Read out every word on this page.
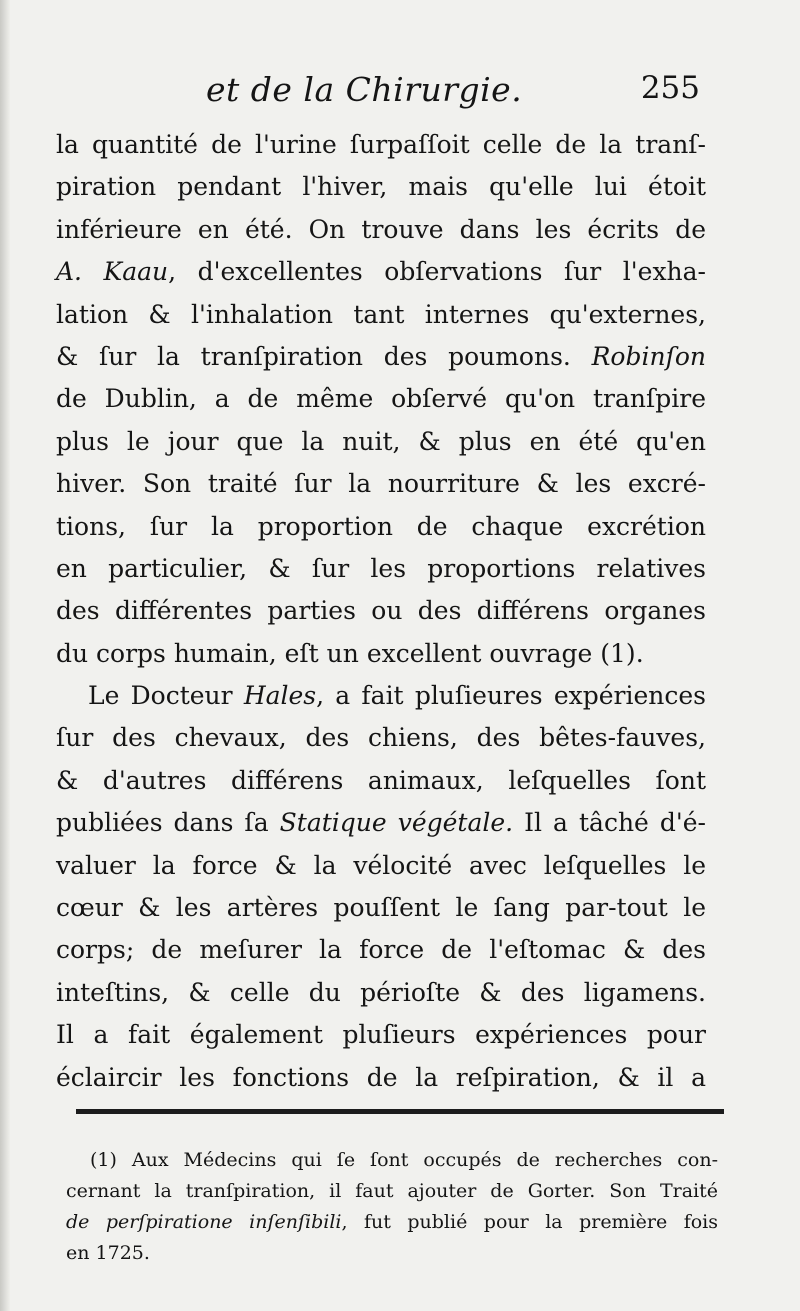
et de la Chirurgie.	255
la quantité de l'urine ſurpaſſoit celle de la tranſ-
piration pendant l'hiver, mais qu'elle lui étoit
inférieure en été. On trouve dans les écrits de
A. Kaau, d'excellentes obſervations ſur l'exha-
lation & l'inhalation tant internes qu'externes,
& ſur la tranſpiration des poumons. Robinſon
de Dublin, a de même obſervé qu'on tranſpire
plus le jour que la nuit, & plus en été qu'en
hiver. Son traité ſur la nourriture & les excré-
tions, ſur la proportion de chaque excrétion
en particulier, & ſur les proportions relatives
des différentes parties ou des différens organes
du corps humain, eſt un excellent ouvrage (1).
Le Docteur Hales, a fait pluſieures expériences
ſur des chevaux, des chiens, des bêtes-fauves,
& d'autres différens animaux, leſquelles ſont
publiées dans ſa Statique végétale. Il a tâché d'é-
valuer la force & la vélocité avec leſquelles le
cœur & les artères pouſſent le ſang par-tout le
corps; de meſurer la force de l'eſtomac & des
inteſtins, & celle du périoſte & des ligamens.
Il a fait également pluſieurs expériences pour
éclaircir les fonctions de la reſpiration, & il a
(1) Aux Médecins qui ſe ſont occupés de recherches con-
cernant la tranſpiration, il faut ajouter de Gorter. Son Traité
de perſpiratione inſenſibili, fut publié pour la première fois
en 1725.
